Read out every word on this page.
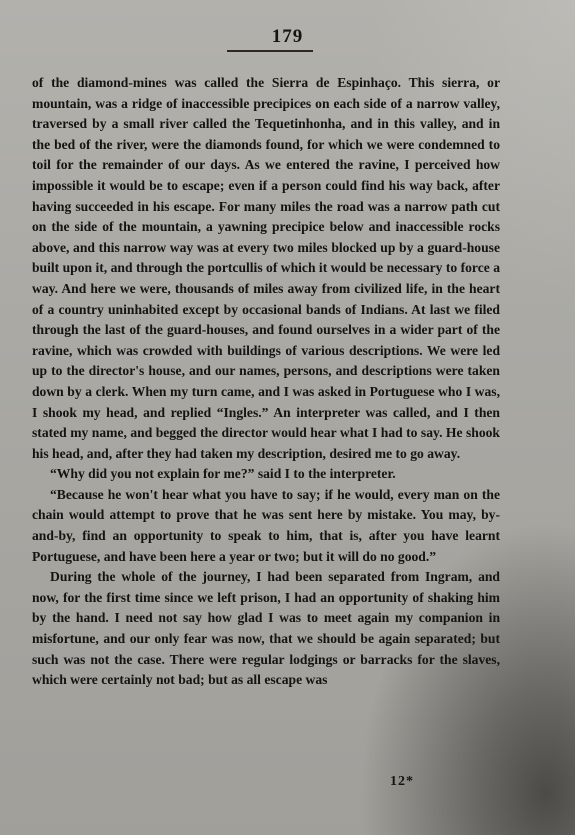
179

of the diamond-mines was called the Sierra de Espinhaço. This sierra, or mountain, was a ridge of inaccessible precipices on each side of a narrow valley, traversed by a small river called the Tequetinhonha, and in this valley, and in the bed of the river, were the diamonds found, for which we were condemned to toil for the remainder of our days. As we entered the ravine, I perceived how impossible it would be to escape; even if a person could find his way back, after having succeeded in his escape. For many miles the road was a narrow path cut on the side of the mountain, a yawning precipice below and inaccessible rocks above, and this narrow way was at every two miles blocked up by a guard-house built upon it, and through the portcullis of which it would be necessary to force a way. And here we were, thousands of miles away from civilized life, in the heart of a country uninhabited except by occasional bands of Indians. At last we filed through the last of the guard-houses, and found ourselves in a wider part of the ravine, which was crowded with buildings of various descriptions. We were led up to the director's house, and our names, persons, and descriptions were taken down by a clerk. When my turn came, and I was asked in Portuguese who I was, I shook my head, and replied “Ingles.” An interpreter was called, and I then stated my name, and begged the director would hear what I had to say. He shook his head, and, after they had taken my description, desired me to go away.

“Why did you not explain for me?” said I to the interpreter.

“Because he won't hear what you have to say; if he would, every man on the chain would attempt to prove that he was sent here by mistake. You may, by-and-by, find an opportunity to speak to him, that is, after you have learnt Portuguese, and have been here a year or two; but it will do no good.”

During the whole of the journey, I had been separated from Ingram, and now, for the first time since we left prison, I had an opportunity of shaking him by the hand. I need not say how glad I was to meet again my companion in misfortune, and our only fear was now, that we should be again separated; but such was not the case. There were regular lodgings or barracks for the slaves, which were certainly not bad; but as all escape was

12*
